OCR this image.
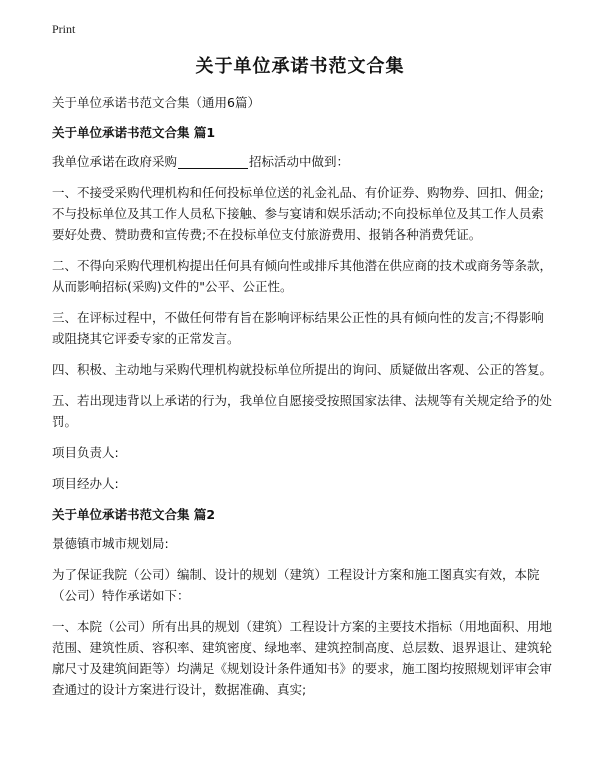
Print
关于单位承诺书范文合集

关于单位承诺书范文合集（通用6篇）

关于单位承诺书范文合集 篇1

我单位承诺在政府采购	招标活动中做到：

一、不接受采购代理机构和任何投标单位送的礼金礼品、有价证券、购物券、回扣、佣金;不与投标单位及其工作人员私下接触、参与宴请和娱乐活动;不向投标单位及其工作人员索要好处费、赞助费和宣传费;不在投标单位支付旅游费用、报销各种消费凭证。

二、不得向采购代理机构提出任何具有倾向性或排斥其他潜在供应商的技术或商务等条款，从而影响招标(采购)文件的"公平、公正性。

三、在评标过程中，不做任何带有旨在影响评标结果公正性的具有倾向性的发言;不得影响或阻挠其它评委专家的正常发言。

四、积极、主动地与采购代理机构就投标单位所提出的询问、质疑做出客观、公正的答复。

五、若出现违背以上承诺的行为，我单位自愿接受按照国家法律、法规等有关规定给予的处罚。

项目负责人:

项目经办人:

关于单位承诺书范文合集 篇2

景德镇市城市规划局:

为了保证我院（公司）编制、设计的规划（建筑）工程设计方案和施工图真实有效，本院（公司）特作承诺如下：

一、本院（公司）所有出具的规划（建筑）工程设计方案的主要技术指标（用地面积、用地范围、建筑性质、容积率、建筑密度、绿地率、建筑控制高度、总层数、退界退让、建筑轮廓尺寸及建筑间距等）均满足《规划设计条件通知书》的要求，施工图均按照规划评审会审查通过的设计方案进行设计，数据准确、真实;
